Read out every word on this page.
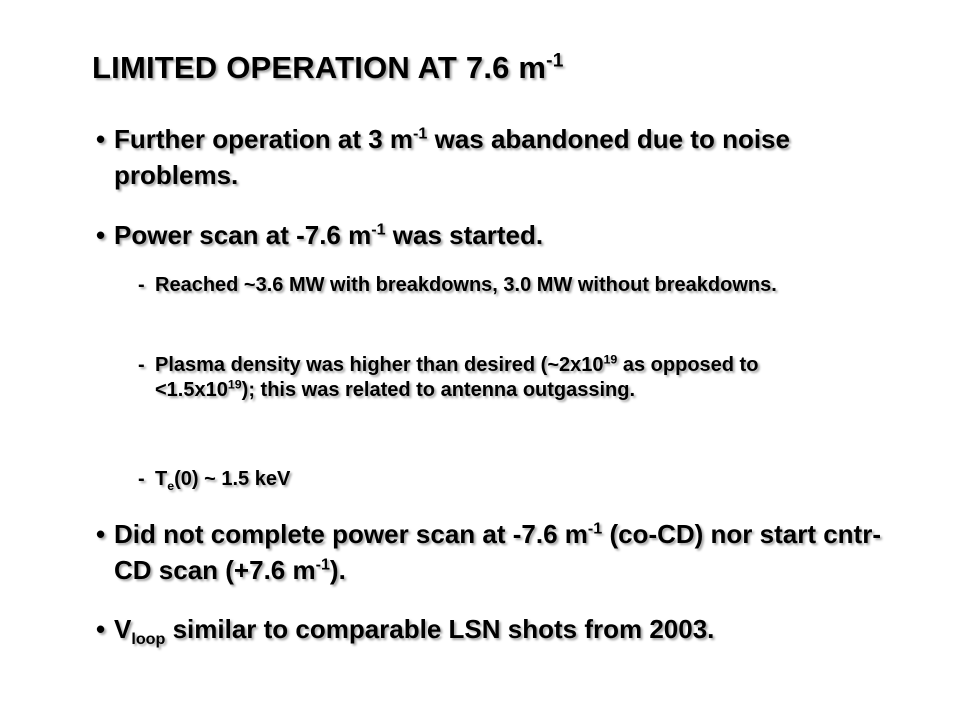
LIMITED OPERATION AT 7.6 $m^{-1}$
• Further operation at 3 $m^{-1}$ was abandoned due to noise problems.
• Power scan at -7.6 $m^{-1}$ was started.
- Reached ~3.6 MW with breakdowns, 3.0 MW without breakdowns.
- Plasma density was higher than desired ($\sim 2x10^{19}$ as opposed to $<1.5x10^{19}$); this was related to antenna outgassing.
- $T_e(0)$ ~ 1.5 keV
• Did not complete power scan at -7.6 $m^{-1}$ (co-CD) nor start cntr-CD scan (+7.6 $m^{-1}$).
• $V_{loop}$ similar to comparable LSN shots from 2003.
